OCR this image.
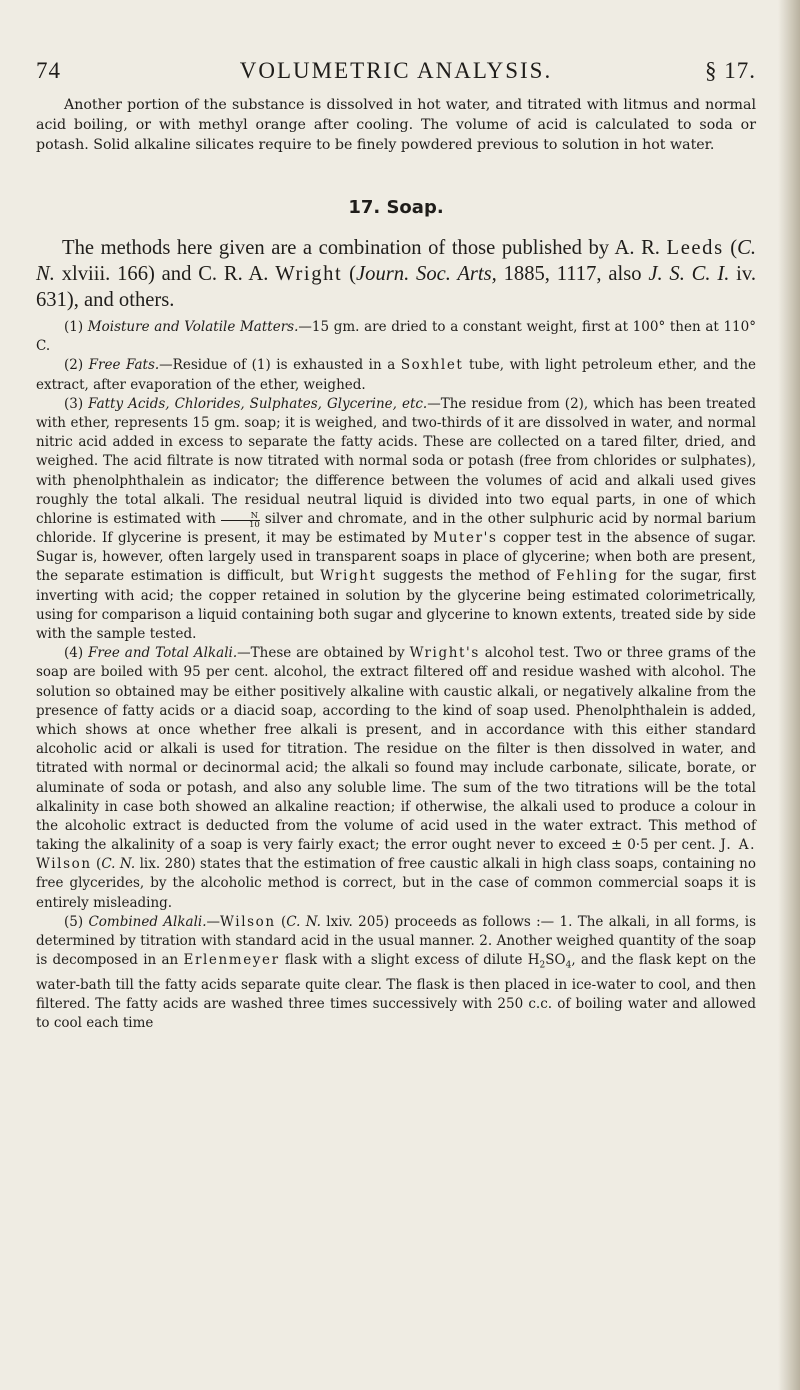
74	VOLUMETRIC ANALYSIS.	§ 17.

Another portion of the substance is dissolved in hot water, and titrated with litmus and normal acid boiling, or with methyl orange after cooling. The volume of acid is calculated to soda or potash. Solid alkaline silicates require to be finely powdered previous to solution in hot water.

17. Soap.

The methods here given are a combination of those published by A. R. Leeds (C. N. xlviii. 166) and C. R. A. Wright (Journ. Soc. Arts, 1885, 1117, also J. S. C. I. iv. 631), and others.

(1) Moisture and Volatile Matters.—15 gm. are dried to a constant weight, first at 100° then at 110° C.

(2) Free Fats.—Residue of (1) is exhausted in a Soxhlet tube, with light petroleum ether, and the extract, after evaporation of the ether, weighed.

(3) Fatty Acids, Chlorides, Sulphates, Glycerine, etc.—The residue from (2), which has been treated with ether, represents 15 gm. soap; it is weighed, and two-thirds of it are dissolved in water, and normal nitric acid added in excess to separate the fatty acids. These are collected on a tared filter, dried, and weighed. The acid filtrate is now titrated with normal soda or potash (free from chlorides or sulphates), with phenolphthalein as indicator; the difference between the volumes of acid and alkali used gives roughly the total alkali. The residual neutral liquid is divided into two equal parts, in one of which chlorine is estimated with $\frac{N}{10}$ silver and chromate, and in the other sulphuric acid by normal barium chloride. If glycerine is present, it may be estimated by Muter's copper test in the absence of sugar. Sugar is, however, often largely used in transparent soaps in place of glycerine; when both are present, the separate estimation is difficult, but Wright suggests the method of Fehling for the sugar, first inverting with acid; the copper retained in solution by the glycerine being estimated colorimetrically, using for comparison a liquid containing both sugar and glycerine to known extents, treated side by side with the sample tested.

(4) Free and Total Alkali.—These are obtained by Wright's alcohol test. Two or three grams of the soap are boiled with 95 per cent. alcohol, the extract filtered off and residue washed with alcohol. The solution so obtained may be either positively alkaline with caustic alkali, or negatively alkaline from the presence of fatty acids or a diacid soap, according to the kind of soap used. Phenolphthalein is added, which shows at once whether free alkali is present, and in accordance with this either standard alcoholic acid or alkali is used for titration. The residue on the filter is then dissolved in water, and titrated with normal or decinormal acid; the alkali so found may include carbonate, silicate, borate, or aluminate of soda or potash, and also any soluble lime. The sum of the two titrations will be the total alkalinity in case both showed an alkaline reaction; if otherwise, the alkali used to produce a colour in the alcoholic extract is deducted from the volume of acid used in the water extract. This method of taking the alkalinity of a soap is very fairly exact; the error ought never to exceed ± 0·5 per cent. J. A. Wilson (C. N. lix. 280) states that the estimation of free caustic alkali in high class soaps, containing no free glycerides, by the alcoholic method is correct, but in the case of common commercial soaps it is entirely misleading.

(5) Combined Alkali.—Wilson (C. N. lxiv. 205) proceeds as follows :— 1. The alkali, in all forms, is determined by titration with standard acid in the usual manner. 2. Another weighed quantity of the soap is decomposed in an Erlenmeyer flask with a slight excess of dilute $H_2SO_4$, and the flask kept on the water-bath till the fatty acids separate quite clear. The flask is then placed in ice-water to cool, and then filtered. The fatty acids are washed three times successively with 250 c.c. of boiling water and allowed to cool each time
